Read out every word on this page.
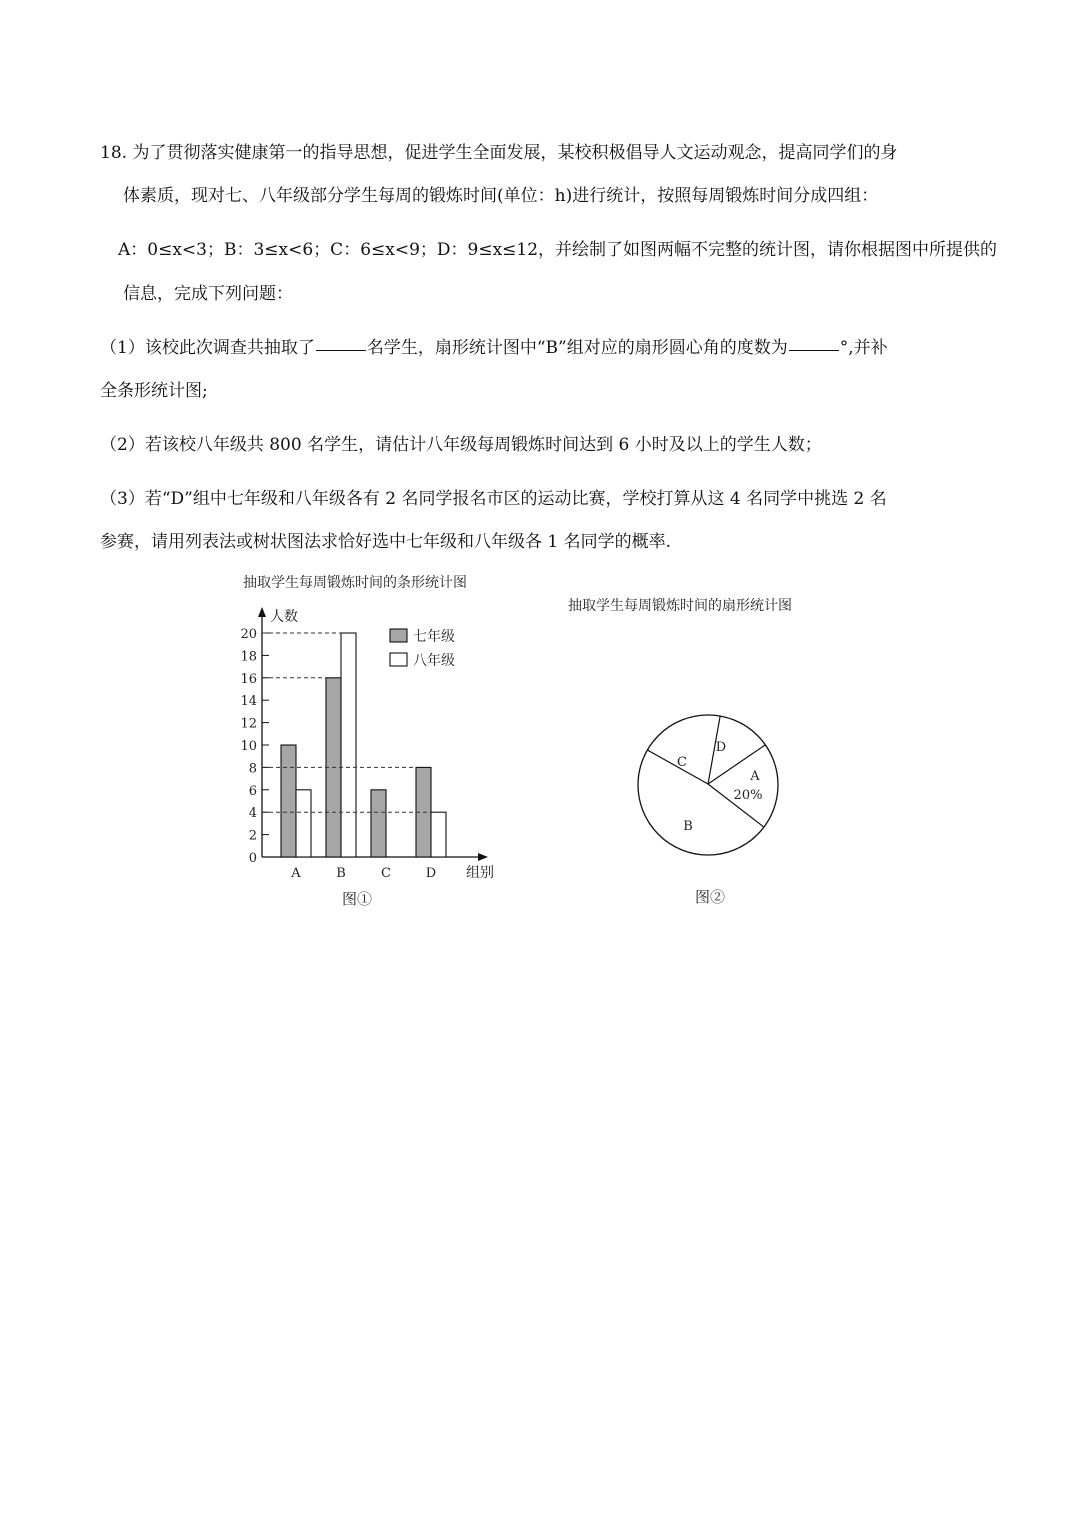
18. 为了贯彻落实健康第一的指导思想，促进学生全面发展，某校积极倡导人文运动观念，提高同学们的身
体素质，现对七、八年级部分学生每周的锻炼时间(单位：h)进行统计，按照每周锻炼时间分成四组：
A：0≤x<3；B：3≤x<6；C：6≤x<9；D：9≤x≤12，并绘制了如图两幅不完整的统计图，请你根据图中所提供的
信息，完成下列问题：
（1）该校此次调查共抽取了	名学生，扇形统计图中“B”组对应的扇形圆心角的度数为	°,并补
全条形统计图;
（2）若该校八年级共 800 名学生，请估计八年级每周锻炼时间达到 6 小时及以上的学生人数；
（3）若“D”组中七年级和八年级各有 2 名同学报名市区的运动比赛，学校打算从这 4 名同学中挑选 2 名
参赛，请用列表法或树状图法求恰好选中七年级和八年级各 1 名同学的概率.
抽取学生每周锻炼时间的条形统计图
人数
组别
0
2
4
6
8
10
12
14
16
18
20
A	B	C	D
七年级
八年级
图①
抽取学生每周锻炼时间的扇形统计图
A
20%
B
C
D
图②
